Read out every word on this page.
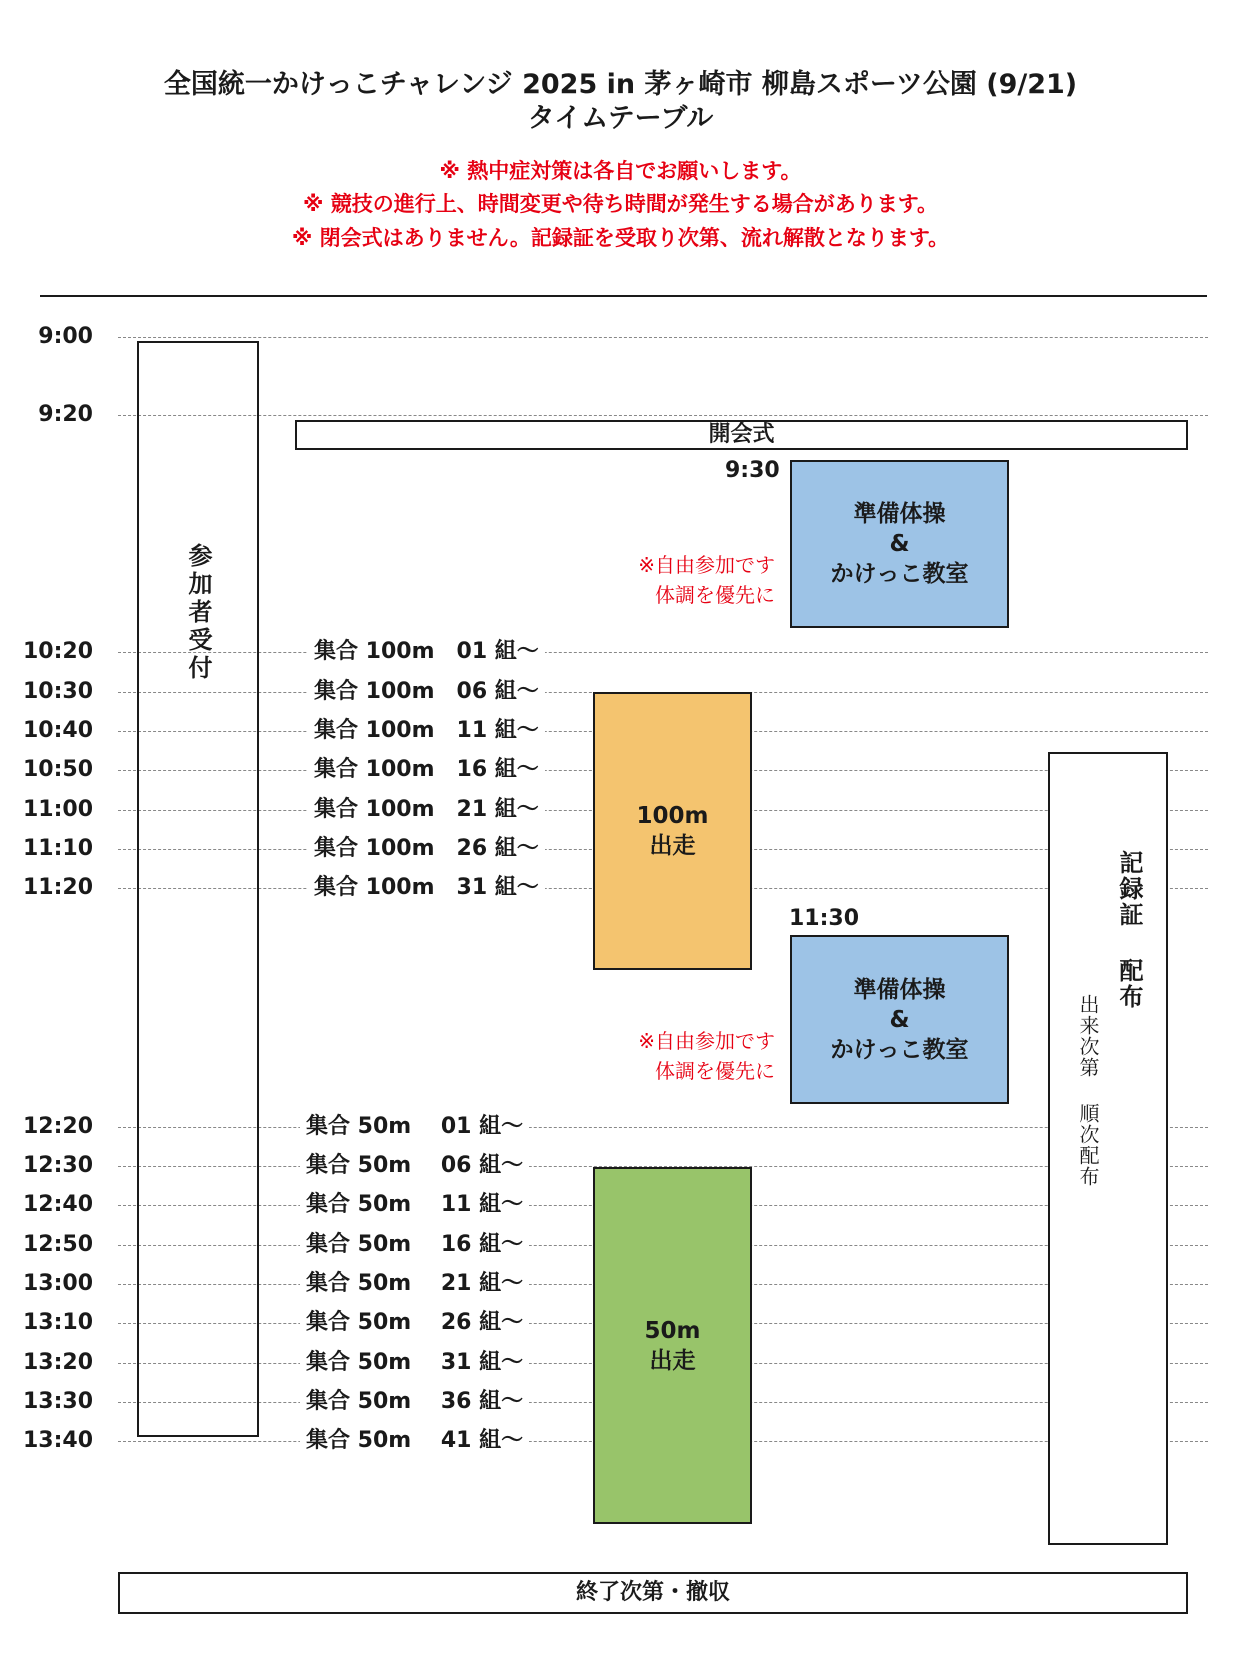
全国統一かけっこチャレンジ 2025 in 茅ヶ崎市 柳島スポーツ公園 (9/21)
タイムテーブル
※ 熱中症対策は各自でお願いします。
※ 競技の進行上、時間変更や待ち時間が発生する場合があります。
※ 閉会式はありません。記録証を受取り次第、流れ解散となります。
9:00
9:20
10:20
10:30
10:40
10:50
11:00
11:10
11:20
12:20
12:30
12:40
12:50
13:00
13:10
13:20
13:30
13:40
参加者受付
開会式
9:30
準備体操
&
かけっこ教室
※自由参加です
体調を優先に
集合 100m　01 組～
集合 100m　06 組～
集合 100m　11 組～
集合 100m　16 組～
集合 100m　21 組～
集合 100m　26 組～
集合 100m　31 組～
100m
出走
11:30
準備体操
&
かけっこ教室
※自由参加です
体調を優先に
集合 50m　 01 組～
集合 50m　 06 組～
集合 50m　 11 組～
集合 50m　 16 組～
集合 50m　 21 組～
集合 50m　 26 組～
集合 50m　 31 組～
集合 50m　 36 組～
集合 50m　 41 組～
50m
出走
記録証 配布
出来次第 順次配布
終了次第・撤収
